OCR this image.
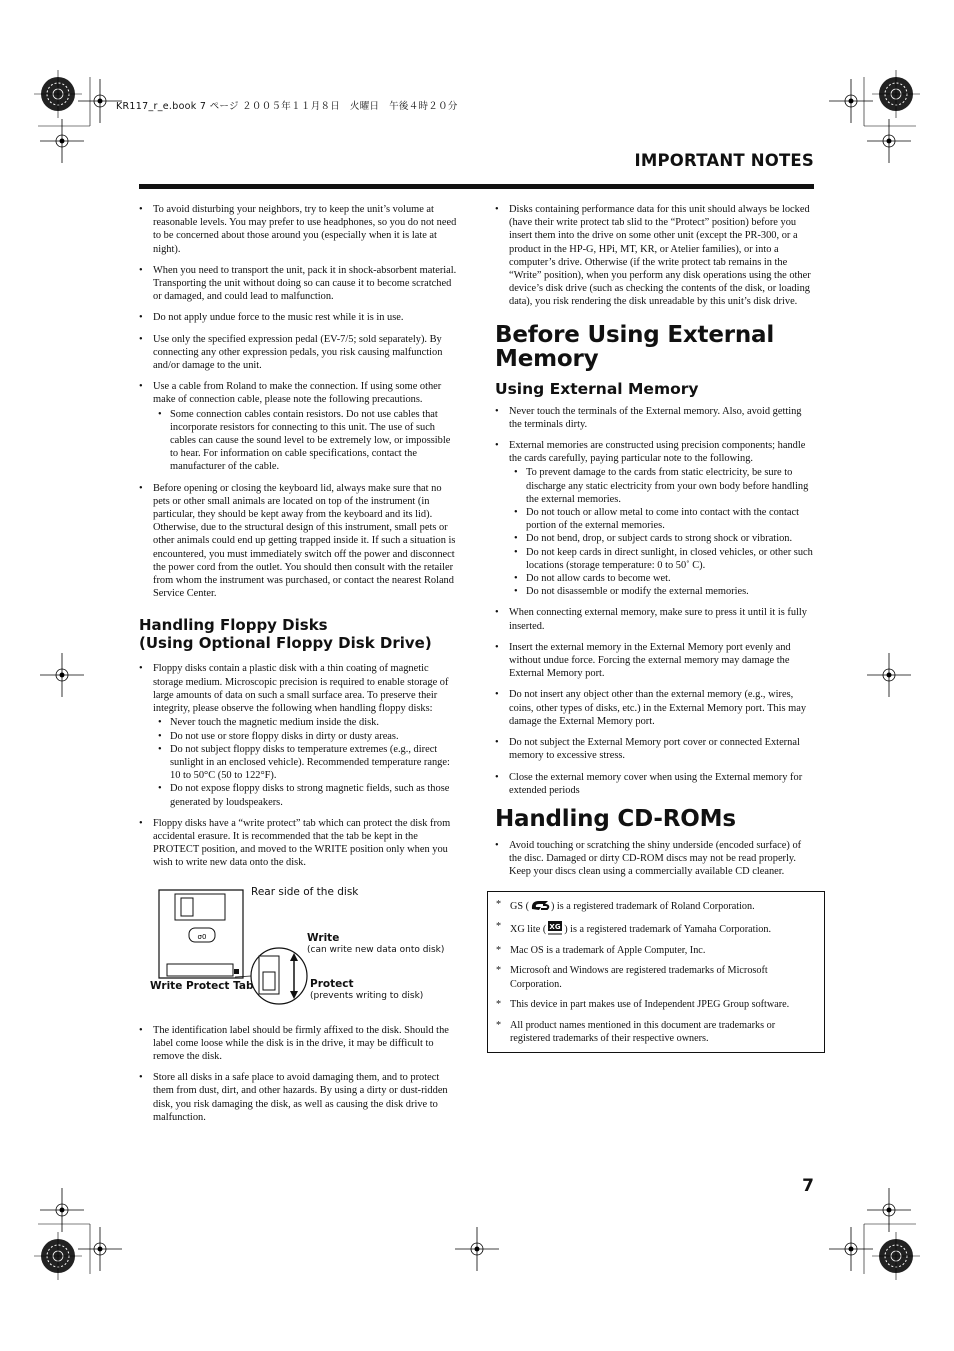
KR117_r_e.book 7 ページ ２００５年１１月８日　火曜日　午後４時２０分
IMPORTANT NOTES
• To avoid disturbing your neighbors, try to keep the unit’s volume at reasonable levels. You may prefer to use headphones, so you do not need to be concerned about those around you (especially when it is late at night).
• When you need to transport the unit, pack it in shock-absorbent material. Transporting the unit without doing so can cause it to become scratched or damaged, and could lead to malfunction.
• Do not apply undue force to the music rest while it is in use.
• Use only the specified expression pedal (EV-7/5; sold separately). By connecting any other expression pedals, you risk causing malfunction and/or damage to the unit.
• Use a cable from Roland to make the connection. If using some other make of connection cable, please note the following precautions.
• Some connection cables contain resistors. Do not use cables that incorporate resistors for connecting to this unit. The use of such cables can cause the sound level to be extremely low, or impossible to hear. For information on cable specifications, contact the manufacturer of the cable.
• Before opening or closing the keyboard lid, always make sure that no pets or other small animals are located on top of the instrument (in particular, they should be kept away from the keyboard and its lid). Otherwise, due to the structural design of this instrument, small pets or other animals could end up getting trapped inside it. If such a situation is encountered, you must immediately switch off the power and disconnect the power cord from the outlet. You should then consult with the retailer from whom the instrument was purchased, or contact the nearest Roland Service Center.
Handling Floppy Disks
(Using Optional Floppy Disk Drive)
• Floppy disks contain a plastic disk with a thin coating of magnetic storage medium. Microscopic precision is required to enable storage of large amounts of data on such a small surface area. To preserve their integrity, please observe the following when handling floppy disks:
• Never touch the magnetic medium inside the disk.
• Do not use or store floppy disks in dirty or dusty areas.
• Do not subject floppy disks to temperature extremes (e.g., direct sunlight in an enclosed vehicle). Recommended temperature range: 10 to 50°C (50 to 122°F).
• Do not expose floppy disks to strong magnetic fields, such as those generated by loudspeakers.
• Floppy disks have a “write protect” tab which can protect the disk from accidental erasure. It is recommended that the tab be kept in the PROTECT position, and moved to the WRITE position only when you wish to write new data onto the disk.
σ0
Rear side of the disk
Write
(can write new data onto disk)
Protect
(prevents writing to disk)
Write Protect Tab
• The identification label should be firmly affixed to the disk. Should the label come loose while the disk is in the drive, it may be difficult to remove the disk.
• Store all disks in a safe place to avoid damaging them, and to protect them from dust, dirt, and other hazards. By using a dirty or dust-ridden disk, you risk damaging the disk, as well as causing the disk drive to malfunction.
• Disks containing performance data for this unit should always be locked (have their write protect tab slid to the “Protect” position) before you insert them into the drive on some other unit (except the PR-300, or a product in the HP-G, HPi, MT, KR, or Atelier families), or into a computer’s drive. Otherwise (if the write protect tab remains in the “Write” position), when you perform any disk operations using the other device’s disk drive (such as checking the contents of the disk, or loading data), you risk rendering the disk unreadable by this unit’s disk drive.
Before Using External
Memory
Using External Memory
• Never touch the terminals of the External memory. Also, avoid getting the terminals dirty.
• External memories are constructed using precision components; handle the cards carefully, paying particular note to the following.
• To prevent damage to the cards from static electricity, be sure to discharge any static electricity from your own body before handling the external memories.
• Do not touch or allow metal to come into contact with the contact portion of the external memories.
• Do not bend, drop, or subject cards to strong shock or vibration.
• Do not keep cards in direct sunlight, in closed vehicles, or other such locations (storage temperature: 0 to 50˚ C).
• Do not allow cards to become wet.
• Do not disassemble or modify the external memories.
• When connecting external memory, make sure to press it until it is fully inserted.
• Insert the external memory in the External Memory port evenly and without undue force. Forcing the external memory may damage the External Memory port.
• Do not insert any object other than the external memory (e.g., wires, coins, other types of disks, etc.) in the External Memory port. This may damage the External Memory port.
• Do not subject the External Memory port cover or connected External memory to excessive stress.
• Close the external memory cover when using the External memory for extended periods
Handling CD-ROMs
• Avoid touching or scratching the shiny underside (encoded surface) of the disc. Damaged or dirty CD-ROM discs may not be read properly. Keep your discs clean using a commercially available CD cleaner.
* GS ( ) is a registered trademark of Roland Corporation.
* XG lite ( XG ) is a registered trademark of Yamaha Corporation.
* Mac OS is a trademark of Apple Computer, Inc.
* Microsoft and Windows are registered trademarks of Microsoft Corporation.
* This device in part makes use of Independent JPEG Group software.
* All product names mentioned in this document are trademarks or registered trademarks of their respective owners.
7
